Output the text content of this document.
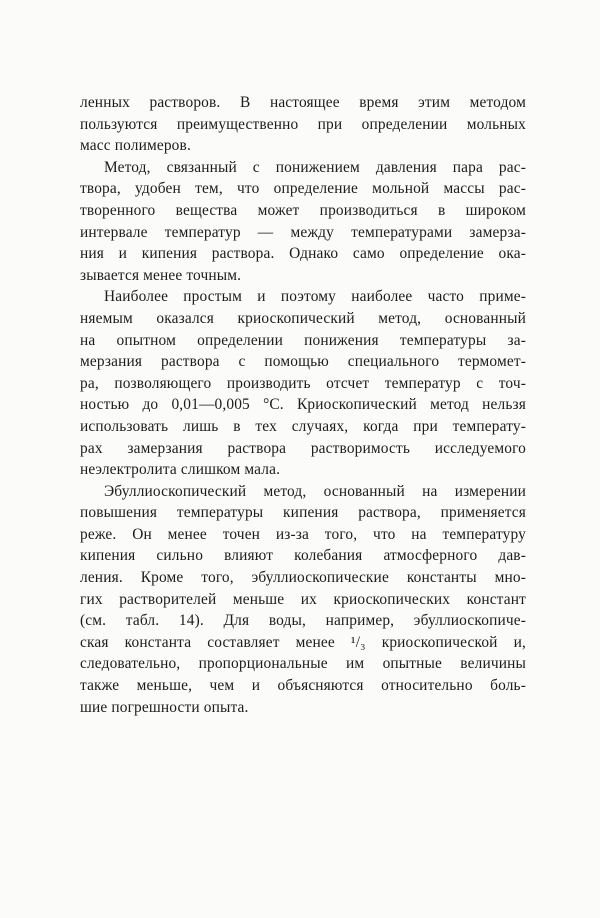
ленных растворов. В настоящее время этим методом
пользуются преимущественно при определении мольных
масс полимеров.
Метод, связанный с понижением давления пара рас-
твора, удобен тем, что определение мольной массы рас-
творенного вещества может производиться в широком
интервале температур — между температурами замерза-
ния и кипения раствора. Однако само определение ока-
зывается менее точным.
Наиболее простым и поэтому наиболее часто приме-
няемым оказался криоскопический метод, основанный
на опытном определении понижения температуры за-
мерзания раствора с помощью специального термомет-
ра, позволяющего производить отсчет температур с точ-
ностью до 0,01—0,005 °С. Криоскопический метод нельзя
использовать лишь в тех случаях, когда при температу-
рах замерзания раствора растворимость исследуемого
неэлектролита слишком мала.
Эбуллиоскопический метод, основанный на измерении
повышения температуры кипения раствора, применяется
реже. Он менее точен из-за того, что на температуру
кипения сильно влияют колебания атмосферного дав-
ления. Кроме того, эбуллиоскопические константы мно-
гих растворителей меньше их криоскопических констант
(см. табл. 14). Для воды, например, эбуллиоскопиче-
ская константа составляет менее ¹/₃ криоскопической и,
следовательно, пропорциональные им опытные величины
также меньше, чем и объясняются относительно боль-
шие погрешности опыта.
